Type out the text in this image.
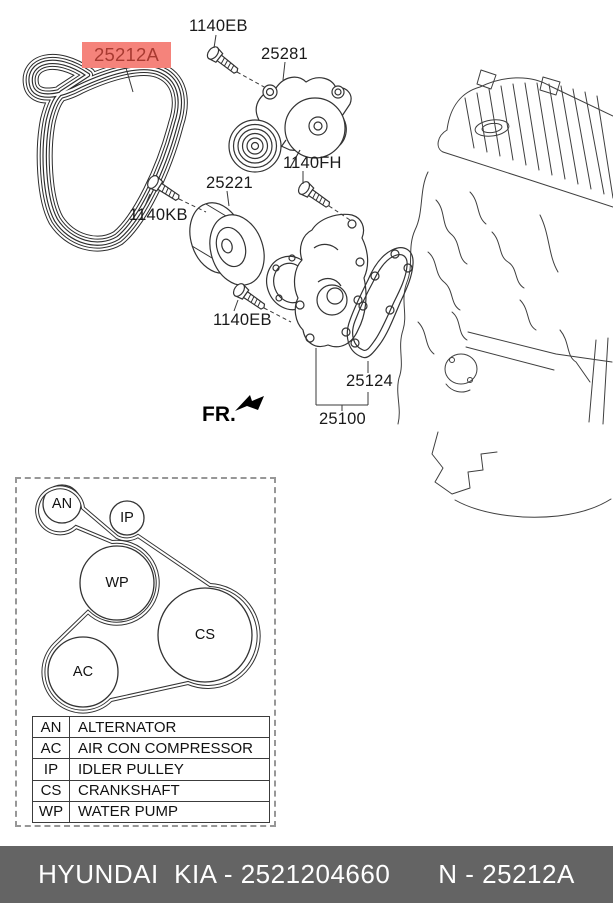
1140EB
25281
25212A
25221
1140KB
1140FH
1140EB
25124
25100
FR.
AN
IP
WP
CS
AC
AN	ALTERNATOR
AC	AIR CON COMPRESSOR
IP	IDLER PULLEY
CS	CRANKSHAFT
WP	WATER PUMP
HYUNDAI  KIA - 2521204660 N - 25212A
